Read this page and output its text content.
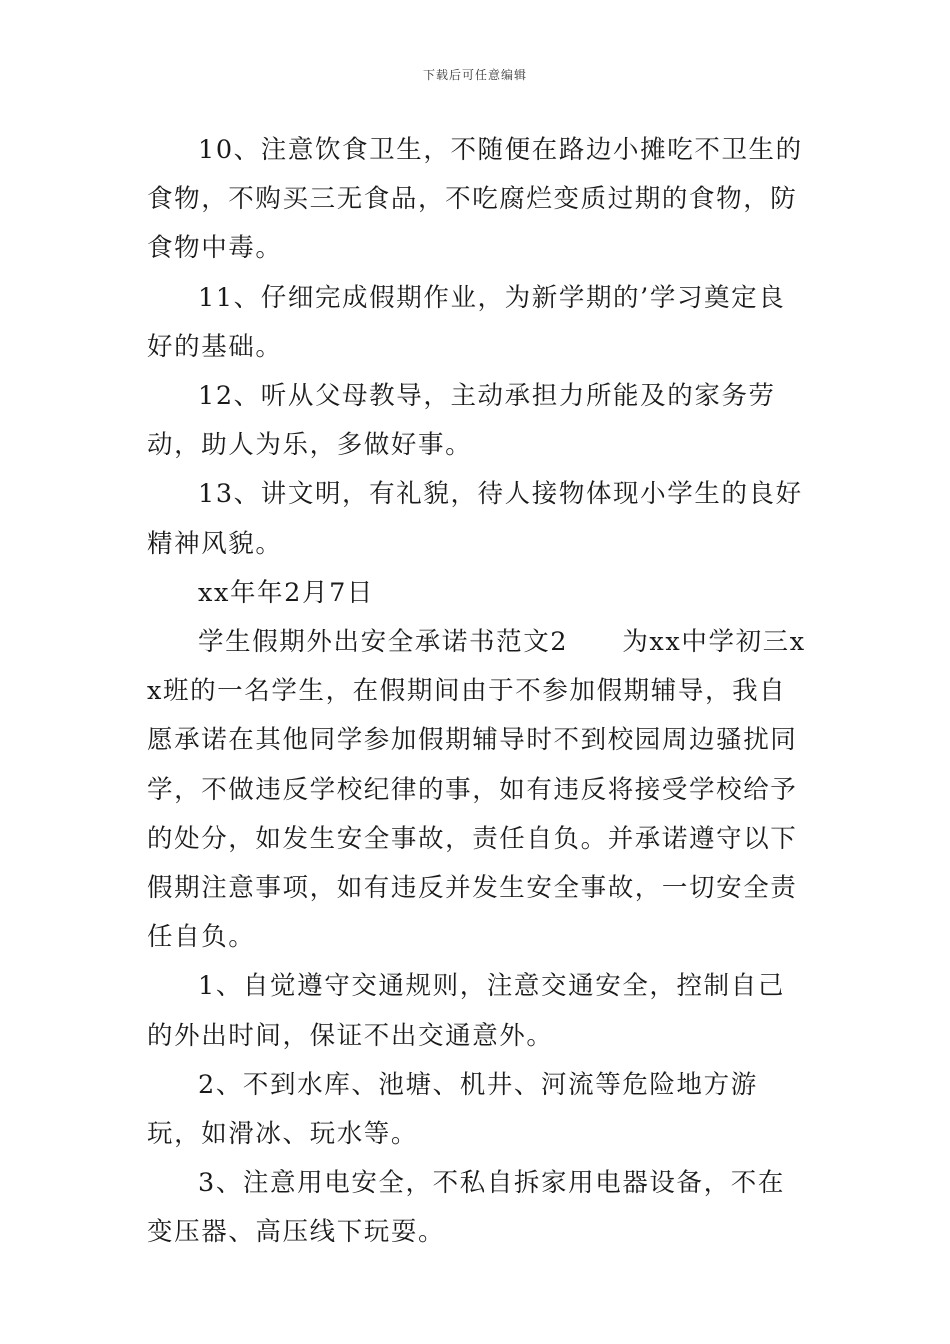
下载后可任意编辑

10、注意饮食卫生，不随便在路边小摊吃不卫生的食物，不购买三无食品，不吃腐烂变质过期的食物，防食物中毒。

11、仔细完成假期作业，为新学期的’学习奠定良好的基础。

12、听从父母教导，主动承担力所能及的家务劳动，助人为乐，多做好事。

13、讲文明，有礼貌，待人接物体现小学生的良好精神风貌。

xx年年2月7日

学生假期外出安全承诺书范文2　　为xx中学初三xx班的一名学生，在假期间由于不参加假期辅导，我自愿承诺在其他同学参加假期辅导时不到校园周边骚扰同学，不做违反学校纪律的事，如有违反将接受学校给予的处分，如发生安全事故，责任自负。并承诺遵守以下假期注意事项，如有违反并发生安全事故，一切安全责任自负。

1、自觉遵守交通规则，注意交通安全，控制自己的外出时间，保证不出交通意外。

2、不到水库、池塘、机井、河流等危险地方游玩，如滑冰、玩水等。

3、注意用电安全，不私自拆家用电器设备，不在变压器、高压线下玩耍。
